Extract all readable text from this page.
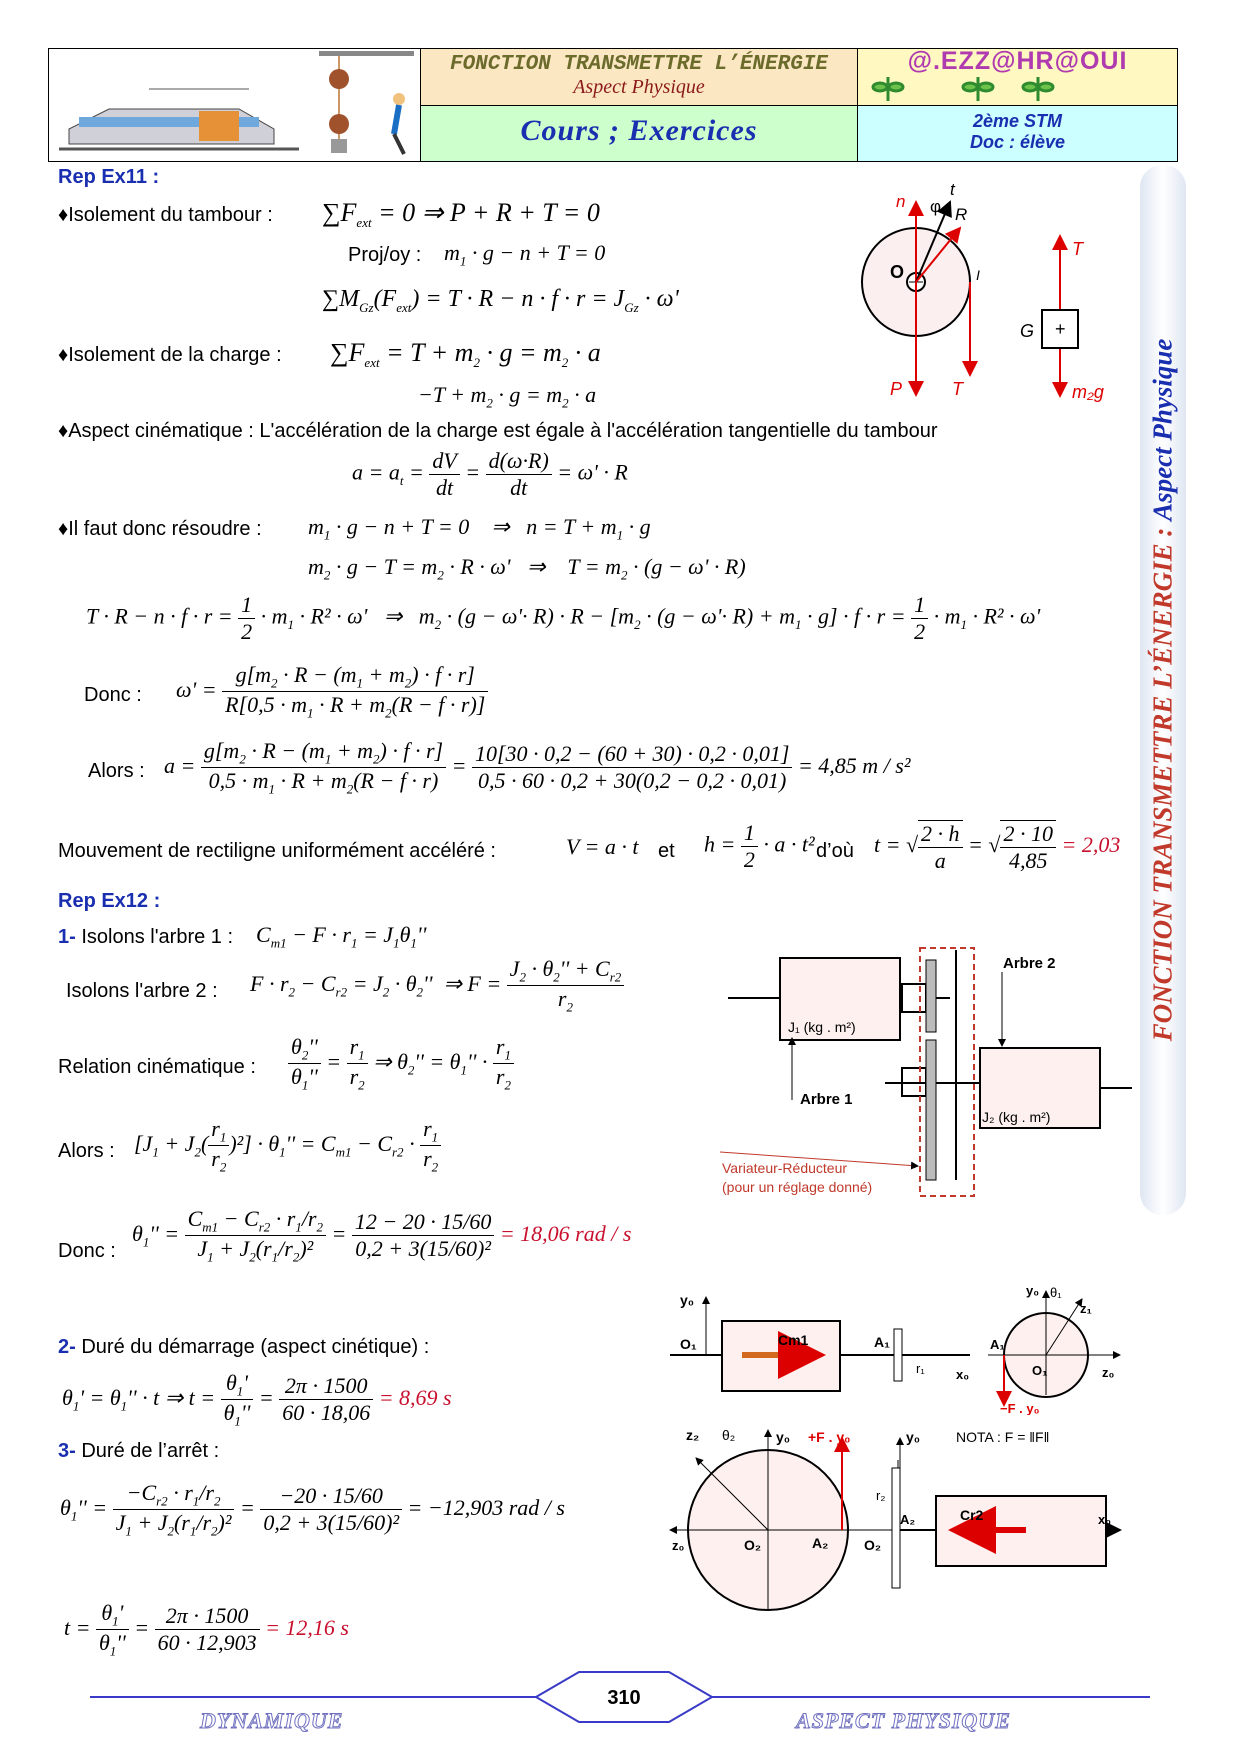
FONCTION TRANSMETTRE L’ÉNERGIE
Aspect Physique
Cours ; Exercices
@.EZZ@HR@OUI
2ème STM
Doc : élève
FONCTION TRANSMETTRE L’ÉNERGIE : Aspect Physique
Rep Ex11 :
♦Isolement du tambour : $\sum F_{ext} = 0$ ⇒ P + R + T = 0
Proj/oy : $m_1 \cdot g - n + T = 0$
$\sum M_{Gz}(F_{ext}) = T \cdot R - n \cdot f \cdot r = J_{Gz} \cdot \omega'$
♦Isolement de la charge : $\sum F_{ext} = T + m_2 \cdot g = m_2 \cdot a$
$-T + m_2 \cdot g = m_2 \cdot a$
♦Aspect cinématique : L'accélération de la charge est égale à l'accélération tangentielle du tambour
$a = a_t = \frac{dV}{dt} = \frac{d(\omega\cdot R)}{dt} = \omega' \cdot R$
♦Il faut donc résoudre : $m_1 \cdot g - n + T = 0$    ⇒   $n = T + m_1 \cdot g$
$m_2 \cdot g - T = m_2 \cdot R \cdot \omega'$   ⇒    $T = m_2 \cdot (g - \omega' \cdot R)$
$T \cdot R - n \cdot f \cdot r = \frac{1}{2} \cdot m_1 \cdot R^2 \cdot \omega'$   ⇒   $m_2 \cdot (g - \omega'\cdot R) \cdot R - [m_2 \cdot (g - \omega'\cdot R) + m_1 \cdot g] \cdot f \cdot r = \frac{1}{2} \cdot m_1 \cdot R^2 \cdot \omega'$
Donc : $\omega' = \frac{g[m_2 \cdot R - (m_1 + m_2) \cdot f \cdot r]}{R[0,5 \cdot m_1 \cdot R + m_2(R - f \cdot r)]}$
Alors : $a = \frac{g[m_2 \cdot R - (m_1 + m_2) \cdot f \cdot r]}{0,5 \cdot m_1 \cdot R + m_2(R - f \cdot r)} = \frac{10[30 \cdot 0,2 - (60 + 30) \cdot 0,2 \cdot 0,01]}{0,5 \cdot 60 \cdot 0,2 + 30(0,2 - 0,2 \cdot 0,01)} = 4,85$ m / s²
Mouvement de rectiligne uniformément accéléré :	V = a · t et $h = \frac{1}{2} \cdot a \cdot t^2$ d’où t = √ $\frac{2 \cdot h}{a}$ = √ $\frac{2 \cdot 10}{4,85} = 2,03$
n
t
φ R
O	I
P	T
+
T
G
m₂g
Rep Ex12 :
1- Isolons l'arbre 1 : $C_{m1} - F \cdot r_1 = J_1\theta_1''$
Isolons l'arbre 2 : $F \cdot r_2 - C_{r2} = J_2 \cdot \theta_2''$  ⇒ $F = \frac{J_2 \cdot \theta_2'' + C_{r2}}{r_2}$
Relation cinématique : $\frac{\theta_2''}{\theta_1''} = \frac{r_1}{r_2}$ ⇒ $\theta_2'' = \theta_1'' \cdot \frac{r_1}{r_2}$
Alors : $[J_1 + J_2( \frac{r_1}{r_2} )^2] \cdot \theta_1'' = C_{m1} - C_{r2} \cdot \frac{r_1}{r_2}$
Donc :
$\theta_1'' = \frac{C_{m1} - C_{r2} \cdot r_1/r_2}{J_1 + J_2(r_1/r_2)^2} = \frac{12 - 20 \cdot 15/60}{\text{0,2 + 3(15/60)²}} = 18,06$ rad / s
2- Duré du démarrage (aspect cinétique) :
$\theta_1' = \theta_1'' \cdot t$ ⇒ $t = \frac{\theta_1'}{\theta_1''} = \frac{2\pi \cdot 1500}{60 \cdot 18,06} = 8,69$ s
3- Duré de l’arrêt :
$\theta_1'' = \frac{-C_{r2} \cdot r_1/r_2}{J_1 + J_2(r_1/r_2)^2} = \frac{-20 \cdot 15/60}{\text{0,2 + 3(15/60)²}} = -12,903$ rad / s
$t = \frac{\theta_1'}{\theta_1''} = \frac{2\pi \cdot 1500}{60 \cdot 12,903} = 12,16$ s
J₁ (kg . m²)
J₂ (kg . m²)
Arbre 2
Arbre 1
Variateur-Réducteur
(pour un réglage donné)
Cm1
y₀
O₁	A₁
r₁ x₀
y₀ θ₁
z₁
A₁
O₁	z₀
−F . y₀
z₂ θ₂	y₀ +F . y₀	y₀	NOTA : F = ‖F‖
r₂
A₂
O₂	A₂	O₂
Cr2	x₀
z₀
310
DYNAMIQUE	ASPECT PHYSIQUE
